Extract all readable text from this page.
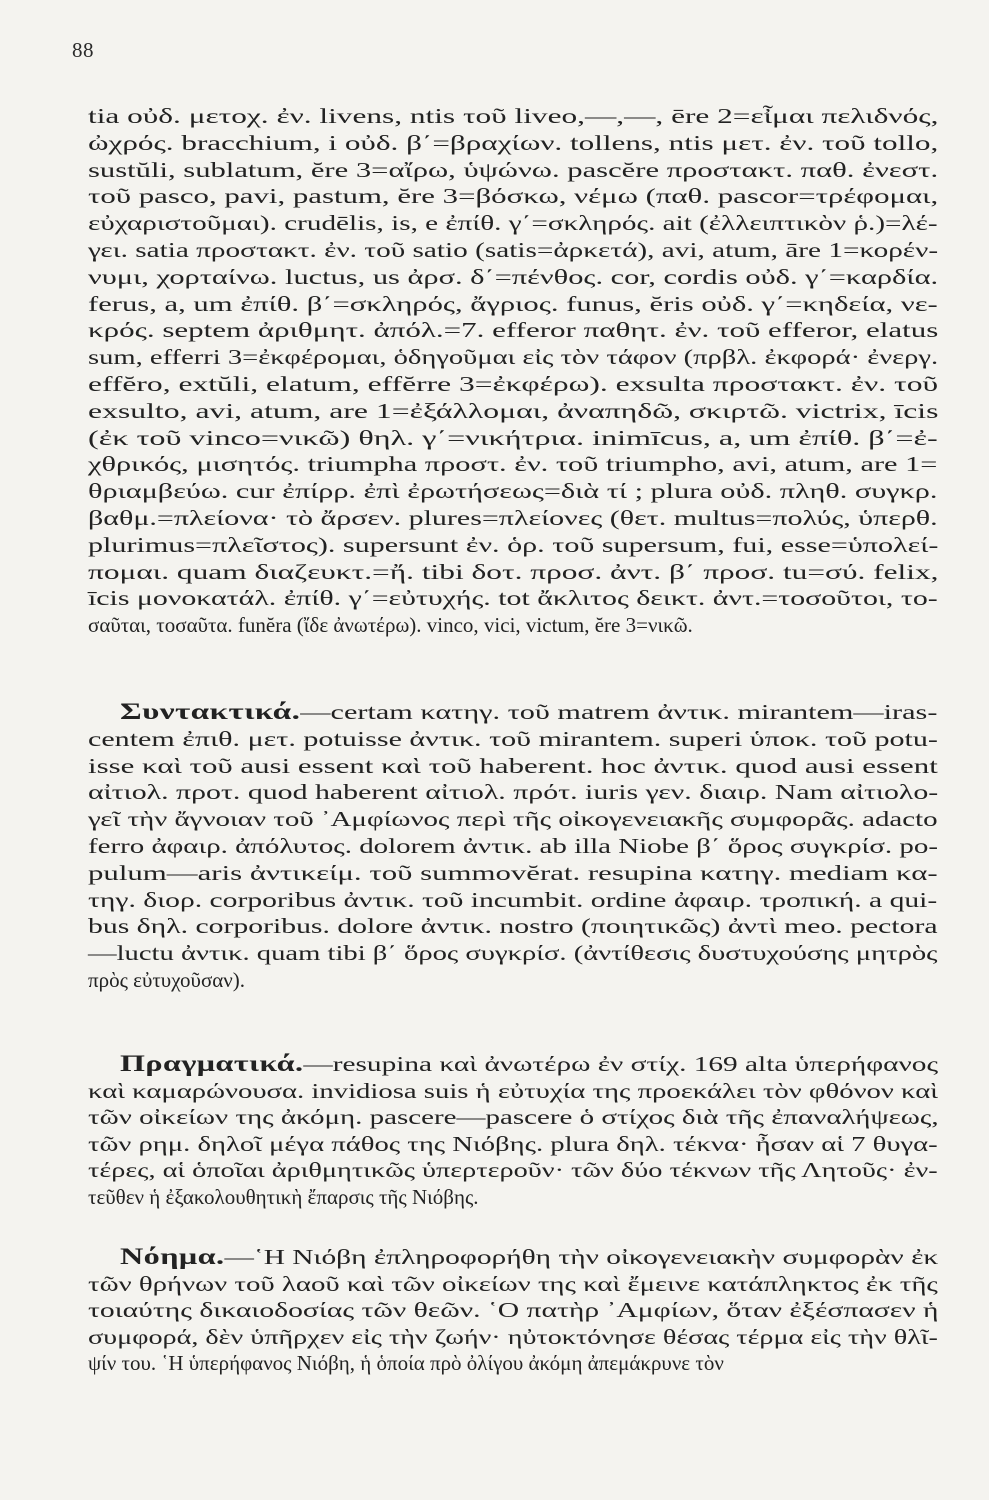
88
tia οὐδ. μετοχ. ἐν. livens, ntis τοῦ liveo,—,—, ēre 2=εἶμαι πελιδνός,
ὠχρός. bracchium, i οὐδ. β΄=βραχίων. tollens, ntis μετ. ἐν. τοῦ tollo,
sustŭli, sublatum, ĕre 3=αἴρω, ὑψώνω. pascĕre προστακτ. παθ. ἐνεστ.
τοῦ pasco, pavi, pastum, ĕre 3=βόσκω, νέμω (παθ. pascor=τρέφομαι,
εὐχαριστοῦμαι). crudēlis, is, e ἐπίθ. γ΄=σκληρός. ait (ἐλλειπτικὸν ῥ.)=λέ-
γει. satia προστακτ. ἐν. τοῦ satio (satis=ἀρκετά), avi, atum, āre 1=κορέν-
νυμι, χορταίνω. luctus, us ἀρσ. δ΄=πένθος. cor, cordis οὐδ. γ΄=καρδία.
ferus, a, um ἐπίθ. β΄=σκληρός, ἄγριος. funus, ĕris οὐδ. γ΄=κηδεία, νε-
κρός. septem ἀριθμητ. ἀπόλ.=7. efferor παθητ. ἐν. τοῦ efferor, elatus
sum, efferri 3=ἐκφέρομαι, ὁδηγοῦμαι εἰς τὸν τάφον (πρβλ. ἐκφορά· ἐνεργ.
effĕro, extŭli, elatum, effĕrre 3=ἐκφέρω). exsulta προστακτ. ἐν. τοῦ
exsulto, avi, atum, are 1=ἐξάλλομαι, ἀναπηδῶ, σκιρτῶ. victrix, īcis
(ἐκ τοῦ vinco=νικῶ) θηλ. γ΄=νικήτρια. inimīcus, a, um ἐπίθ. β΄=ἐ-
χθρικός, μισητός. triumpha προστ. ἐν. τοῦ triumpho, avi, atum, are 1=
θριαμβεύω. cur ἐπίρρ. ἐπὶ ἐρωτήσεως=διὰ τί ; plura οὐδ. πληθ. συγκρ.
βαθμ.=πλείονα· τὸ ἄρσεν. plures=πλείονες (θετ. multus=πολύς, ὑπερθ.
plurimus=πλεῖστος). supersunt ἐν. ὁρ. τοῦ supersum, fui, esse=ὑπολεί-
πομαι. quam διαζευκτ.=ἤ. tibi δοτ. προσ. ἀντ. β΄ προσ. tu=σύ. felix,
īcis μονοκατάλ. ἐπίθ. γ΄=εὐτυχής. tot ἄκλιτος δεικτ. ἀντ.=τοσοῦτοι, το-
σαῦται, τοσαῦτα. funĕra (ἴδε ἀνωτέρω). vinco, vici, victum, ĕre 3=νικῶ.
Συντακτικά.—certam κατηγ. τοῦ matrem ἀντικ. mirantem—iras-
centem ἐπιθ. μετ. potuisse ἀντικ. τοῦ mirantem. superi ὑποκ. τοῦ potu-
isse καὶ τοῦ ausi essent καὶ τοῦ haberent. hoc ἀντικ. quod ausi essent
αἰτιολ. προτ. quod haberent αἰτιολ. πρότ. iuris γεν. διαιρ. Nam αἰτιολο-
γεῖ τὴν ἄγνοιαν τοῦ ᾿Αμφίωνος περὶ τῆς οἰκογενειακῆς συμφορᾶς. adacto
ferro ἀφαιρ. ἀπόλυτος. dolorem ἀντικ. ab illa Niobe β΄ ὅρος συγκρίσ. po-
pulum—aris ἀντικείμ. τοῦ summovĕrat. resupina κατηγ. mediam κα-
τηγ. διορ. corporibus ἀντικ. τοῦ incumbit. ordine ἀφαιρ. τροπική. a qui-
bus δηλ. corporibus. dolore ἀντικ. nostro (ποιητικῶς) ἀντὶ meo. pectora
—luctu ἀντικ. quam tibi β΄ ὅρος συγκρίσ. (ἀντίθεσις δυστυχούσης μητρὸς
πρὸς εὐτυχοῦσαν).
Πραγματικά.—resupina καὶ ἀνωτέρω ἐν στίχ. 169 alta ὑπερήφανος
καὶ καμαρώνουσα. invidiosa suis ἡ εὐτυχία της προεκάλει τὸν φθόνον καὶ
τῶν οἰκείων της ἀκόμη. pascere—pascere ὁ στίχος διὰ τῆς ἐπαναλήψεως,
τῶν ρημ. δηλοῖ μέγα πάθος της Νιόβης. plura δηλ. τέκνα· ἦσαν αἱ 7 θυγα-
τέρες, αἱ ὁποῖαι ἀριθμητικῶς ὑπερτεροῦν· τῶν δύο τέκνων τῆς Λητοῦς· ἐν-
τεῦθεν ἡ ἐξακολουθητικὴ ἔπαρσις τῆς Νιόβης.
Νόημα.—῾Η Νιόβη ἐπληροφορήθη τὴν οἰκογενειακὴν συμφορὰν ἐκ
τῶν θρήνων τοῦ λαοῦ καὶ τῶν οἰκείων της καὶ ἔμεινε κατάπληκτος ἐκ τῆς
τοιαύτης δικαιοδοσίας τῶν θεῶν. ῾Ο πατὴρ ᾿Αμφίων, ὅταν ἐξέσπασεν ἡ
συμφορά, δὲν ὑπῆρχεν εἰς τὴν ζωήν· ηὐτοκτόνησε θέσας τέρμα εἰς τὴν θλῖ-
ψίν του. ῾Η ὑπερήφανος Νιόβη, ἡ ὁποία πρὸ ὀλίγου ἀκόμη ἀπεμάκρυνε τὸν
